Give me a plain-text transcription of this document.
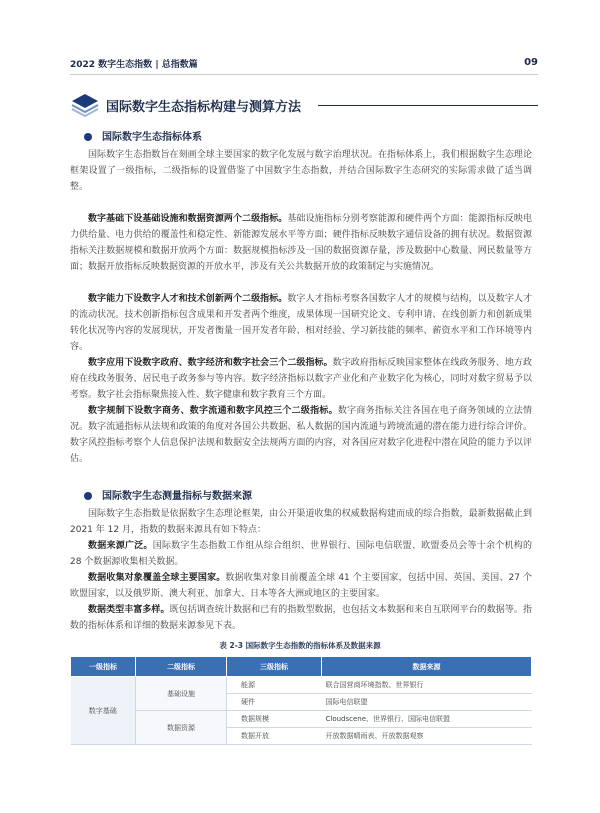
2022 数字生态指数 | 总指数篇	09
国际数字生态指标构建与测算方法
国际数字生态指标体系

国际数字生态指数旨在刻画全球主要国家的数字化发展与数字治理状况。在指标体系上，我们根据数字生态理论框架设置了一级指标，二级指标的设置借鉴了中国数字生态指数，并结合国际数字生态研究的实际需求做了适当调整。

数字基础下设基础设施和数据资源两个二级指标。基础设施指标分别考察能源和硬件两个方面：能源指标反映电力供给量、电力供给的覆盖性和稳定性、新能源发展水平等方面；硬件指标反映数字通信设备的拥有状况。数据资源指标关注数据规模和数据开放两个方面：数据规模指标涉及一国的数据资源存量，涉及数据中心数量、网民数量等方面；数据开放指标反映数据资源的开放水平，涉及有关公共数据开放的政策制定与实施情况。

数字能力下设数字人才和技术创新两个二级指标。数字人才指标考察各国数字人才的规模与结构，以及数字人才的流动状况。技术创新指标包含成果和开发者两个维度，成果体现一国研究论文、专利申请、在线创新力和创新成果转化状况等内容的发展现状，开发者衡量一国开发者年龄、相对经验、学习新技能的频率、薪资水平和工作环境等内容。

数字应用下设数字政府、数字经济和数字社会三个二级指标。数字政府指标反映国家整体在线政务服务、地方政府在线政务服务、居民电子政务参与等内容。数字经济指标以数字产业化和产业数字化为核心，同时对数字贸易予以考察。数字社会指标聚焦接入性、数字健康和数字教育三个方面。

数字规制下设数字商务、数字流通和数字风控三个二级指标。数字商务指标关注各国在电子商务领域的立法情况。数字流通指标从法规和政策的角度对各国公共数据、私人数据的国内流通与跨境流通的潜在能力进行综合评价。数字风控指标考察个人信息保护法规和数据安全法规两方面的内容，对各国应对数字化进程中潜在风险的能力予以评估。

国际数字生态测量指标与数据来源

国际数字生态指数是依据数字生态理论框架，由公开渠道收集的权威数据构建而成的综合指数，最新数据截止到 2021 年 12 月，指数的数据来源具有如下特点：

数据来源广泛。国际数字生态指数工作组从综合组织、世界银行、国际电信联盟、欧盟委员会等十余个机构的 28 个数据源收集相关数据。

数据收集对象覆盖全球主要国家。数据收集对象目前覆盖全球 41 个主要国家，包括中国、英国、美国、27 个欧盟国家，以及俄罗斯、澳大利亚、加拿大、日本等各大洲或地区的主要国家。

数据类型丰富多样。既包括调查统计数据和已有的指数型数据，也包括文本数据和来自互联网平台的数据等。指数的指标体系和详细的数据来源参见下表。

表 2-3 国际数字生态指数的指标体系及数据来源
一级指标	二级指标	三级指标	数据来源
数字基础	基础设施	能源	联合国营商环境指数、世界银行
		硬件	国际电信联盟
	数据资源	数据规模	Cloudscene、世界银行、国际电信联盟
		数据开放	开放数据晴雨表、开放数据观察
